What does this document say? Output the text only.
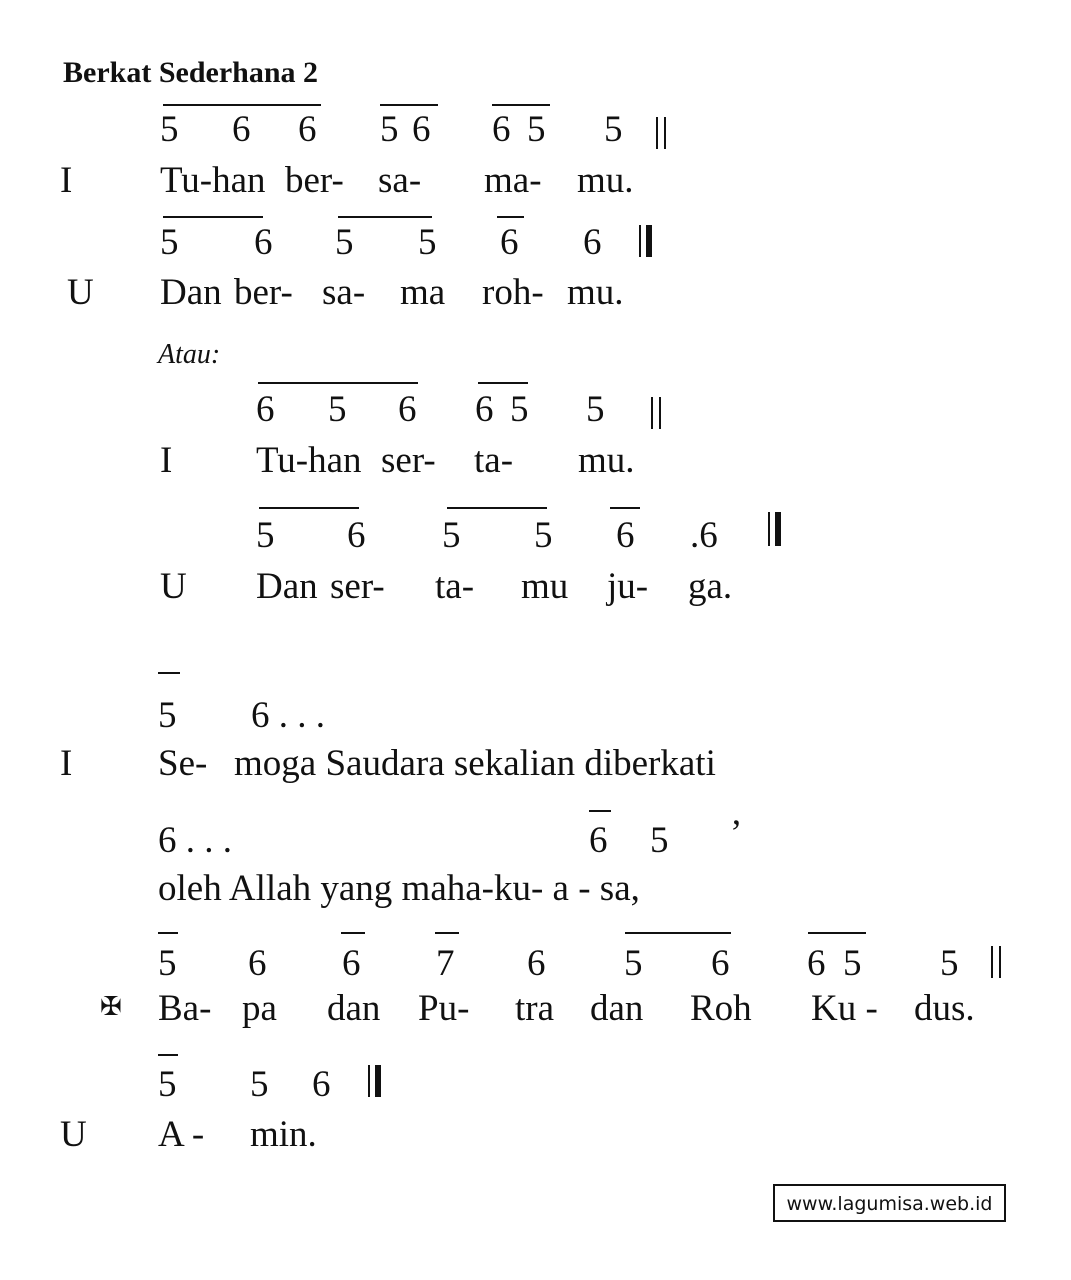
Berkat Sederhana 2
5 6 6 5 6 6 5 5
I Tu-han ber- sa- ma- mu.
5 6 5 5 6 6
U Dan ber- sa- ma roh- mu.
Atau:
6 5 6 6 5 5
I Tu-han ser- ta- mu.
5 6 5 5 6 .6
U Dan ser- ta- mu ju- ga.
5 6 . . .
I Se- moga Saudara sekalian diberkati
6 . . .	6 5 ’
oleh Allah yang maha-ku- a - sa,
5 6 6 7 6 5 6 6 5 5
✠ Ba- pa dan Pu- tra dan Roh Ku - dus.
5 5 6
U A - min.
www.lagumisa.web.id
